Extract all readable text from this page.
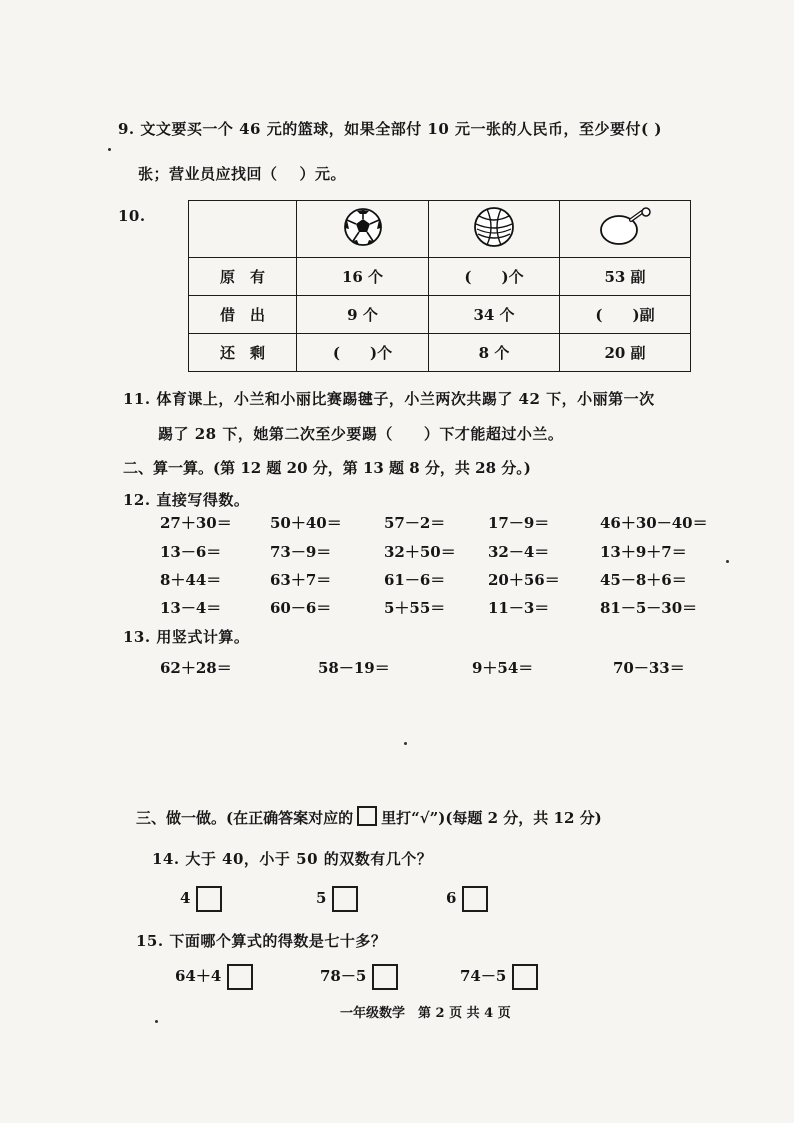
9. 文文要买一个 46 元的篮球，如果全部付 10 元一张的人民币，至少要付( )
张；营业员应找回（ ）元。
10.

原　有	16 个	(　　)个	53 副
借　出	9 个	34 个	(　　)副
还　剩	(　　)个	8 个	20 副
11. 体育课上，小兰和小丽比赛踢毽子，小兰两次共踢了 42 下，小丽第一次
踢了 28 下，她第二次至少要踢（　　）下才能超过小兰。
二、算一算。(第 12 题 20 分，第 13 题 8 分，共 28 分。)
12. 直接写得数。
27＋30＝	50＋40＝	57－2＝	17－9＝	46＋30－40＝
13－6＝	73－9＝	32＋50＝ 32－4＝	13＋9＋7＝
8＋44＝	63＋7＝	61－6＝	20＋56＝	45－8＋6＝
13－4＝	60－6＝	5＋55＝	11－3＝	81－5－30＝
13. 用竖式计算。
62＋28＝	58－19＝	9＋54＝	70－33＝
三、做一做。(在正确答案对应的 里打“√”)(每题 2 分，共 12 分)
14. 大于 40，小于 50 的双数有几个？
4	5	6
15. 下面哪个算式的得数是七十多？
64＋4	78－5	74－5
一年级数学　第 2 页 共 4 页
